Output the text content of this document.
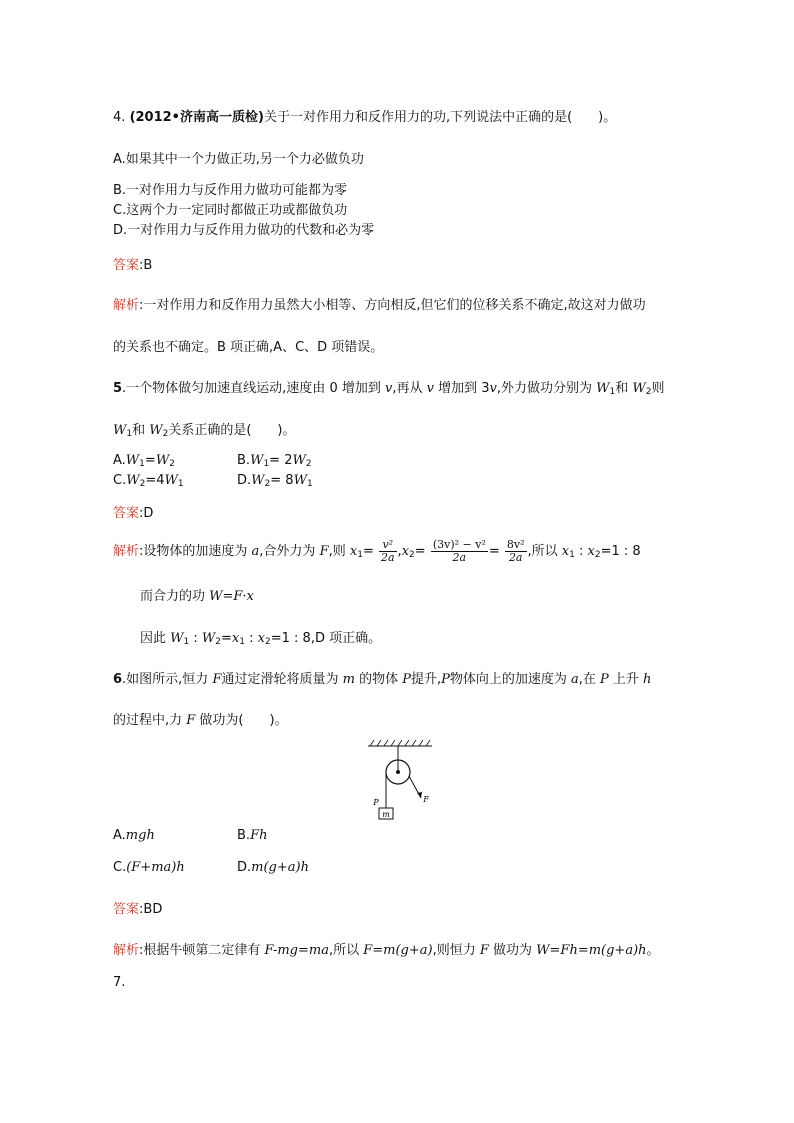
4. (2012•济南高一质检)关于一对作用力和反作用力的功,下列说法中正确的是(　　)。
A.如果其中一个力做正功,另一个力必做负功
B.一对作用力与反作用力做功可能都为零
C.这两个力一定同时都做正功或都做负功
D.一对作用力与反作用力做功的代数和必为零
答案:B
解析:一对作用力和反作用力虽然大小相等、方向相反,但它们的位移关系不确定,故这对力做功
的关系也不确定。B 项正确,A、C、D 项错误。
5.一个物体做匀加速直线运动,速度由 0 增加到 v,再从 v 增加到 3v,外力做功分别为 $W_1$和 $W_2$则
$W_1$和 $W_2$关系正确的是(　　)。
$A.W_1=W_2$	$B.W_1= 2W_2$
$C.W_2=4W_1$	$D.W_2= 8W_1$
答案:D
解析:设物体的加速度为 a,合外力为 F,则 $x_1= \frac{\text{v²}}{2a} ,x_2= \frac{\text{(3v)² − v²}}{2a} = \frac{\text{8v²}}{2a}$ ,所以 $x_1$ : $x_2=1$ : 8
而合力的功 W=F·x
因此 $W_1$ : $W_2=x_1$ : $x_2=1$ : 8,D 项正确。
6.如图所示,恒力 F通过定滑轮将质量为 m 的物体 P提升,P物体向上的加速度为 a,在 P 上升 h
的过程中,力 F 做功为(　　)。
m
P	F
A.mgh	B.Fh
C.(F+ma)h	D.m(g+a)h
答案:BD
解析:根据牛顿第二定律有 F-mg=ma,所以 F=m(g+a),则恒力 F 做功为 W=Fh=m(g+a)h。
7.
